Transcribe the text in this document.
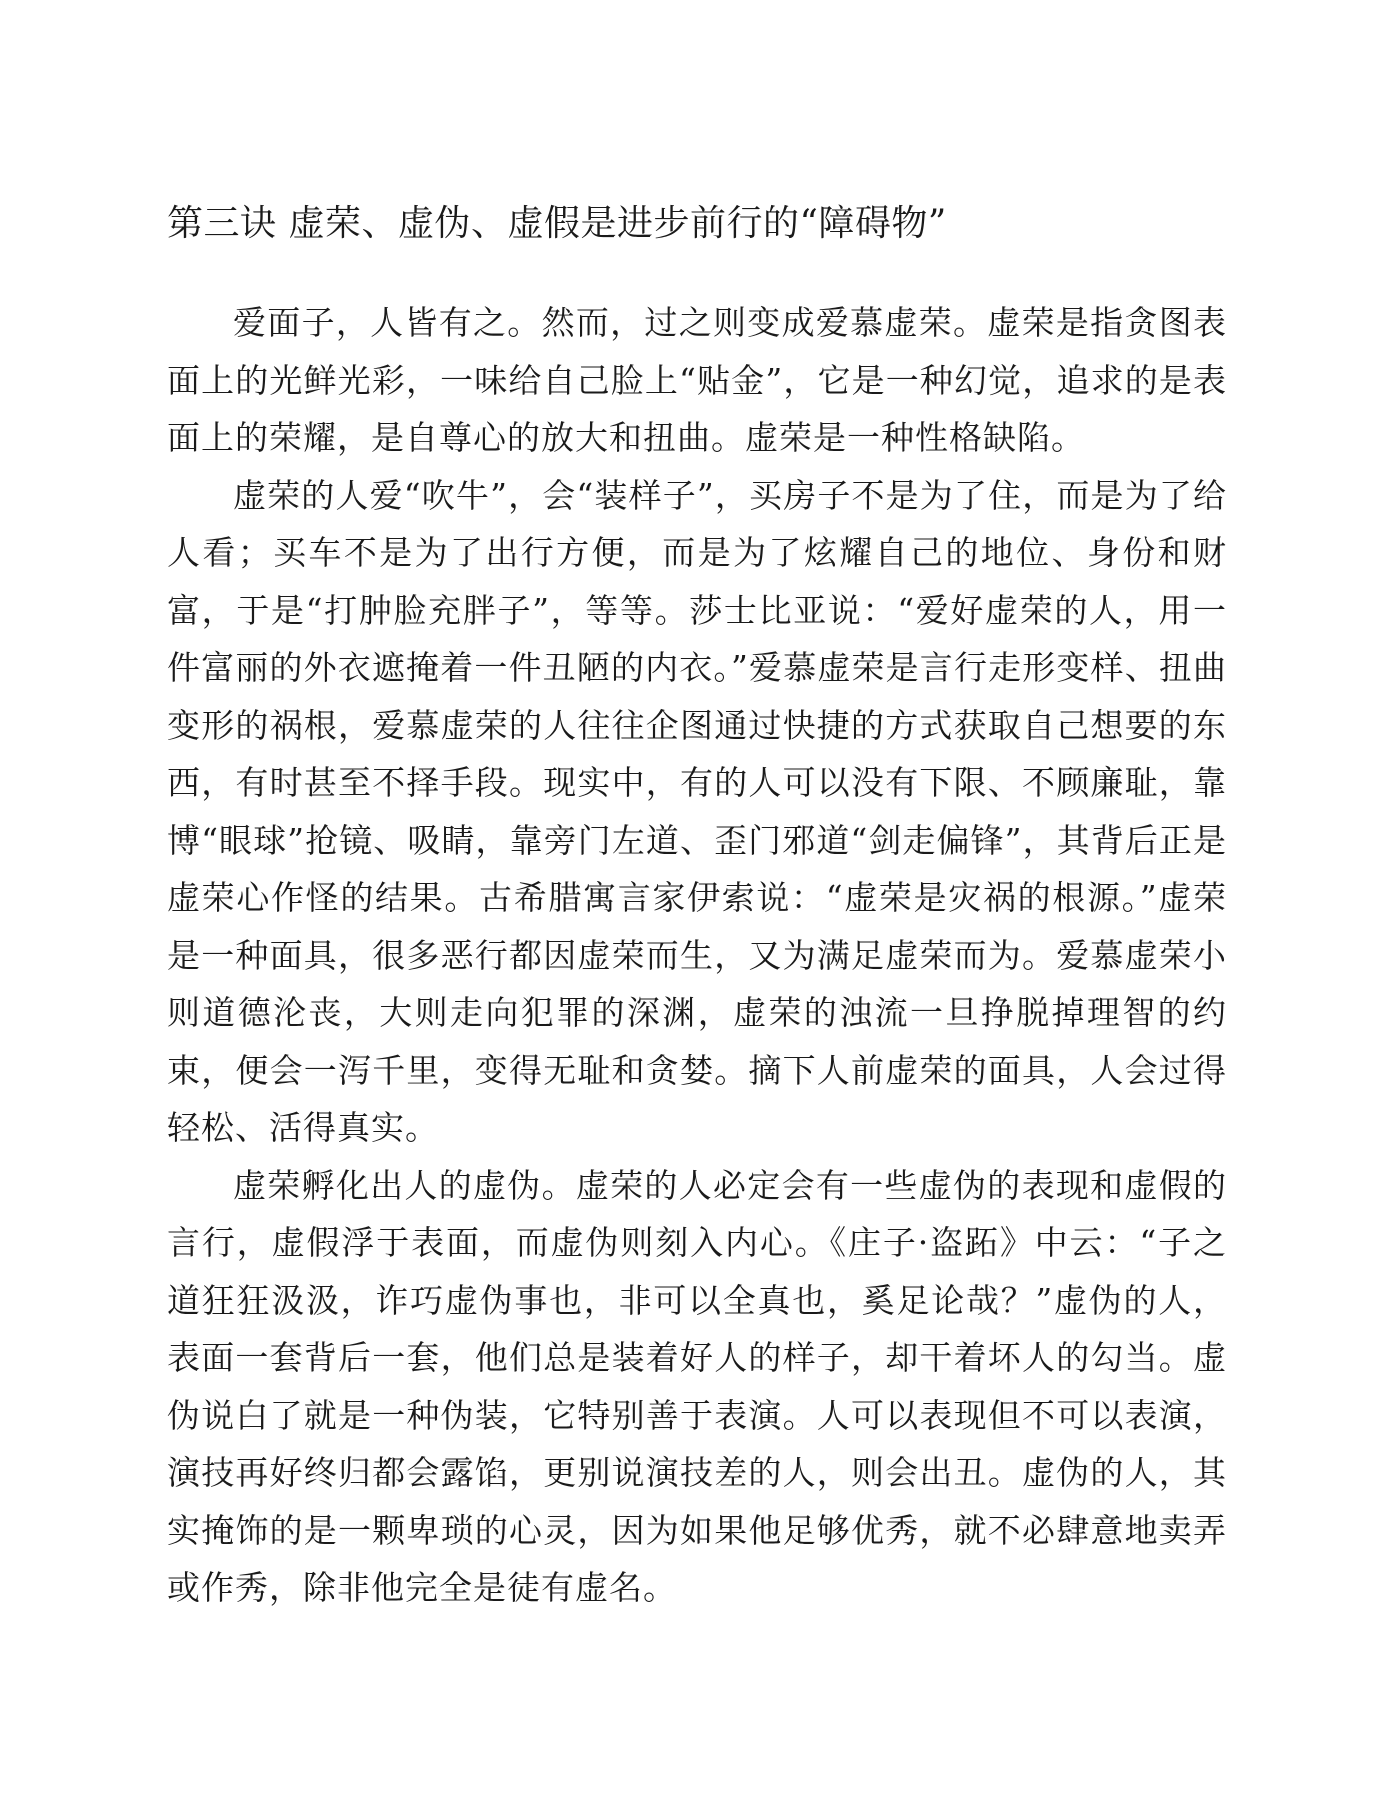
第三诀 虚荣、虚伪、虚假是进步前行的“障碍物”

爱面子，人皆有之。然而，过之则变成爱慕虚荣。虚荣是指贪图表面上的光鲜光彩，一味给自己脸上“贴金”，它是一种幻觉，追求的是表面上的荣耀，是自尊心的放大和扭曲。虚荣是一种性格缺陷。

虚荣的人爱“吹牛”，会“装样子”，买房子不是为了住，而是为了给人看；买车不是为了出行方便，而是为了炫耀自己的地位、身份和财富，于是“打肿脸充胖子”，等等。莎士比亚说：“爱好虚荣的人，用一件富丽的外衣遮掩着一件丑陋的内衣。”爱慕虚荣是言行走形变样、扭曲变形的祸根，爱慕虚荣的人往往企图通过快捷的方式获取自己想要的东西，有时甚至不择手段。现实中，有的人可以没有下限、不顾廉耻，靠博“眼球”抢镜、吸睛，靠旁门左道、歪门邪道“剑走偏锋”，其背后正是虚荣心作怪的结果。古希腊寓言家伊索说：“虚荣是灾祸的根源。”虚荣是一种面具，很多恶行都因虚荣而生，又为满足虚荣而为。爱慕虚荣小则道德沦丧，大则走向犯罪的深渊，虚荣的浊流一旦挣脱掉理智的约束，便会一泻千里，变得无耻和贪婪。摘下人前虚荣的面具，人会过得轻松、活得真实。

虚荣孵化出人的虚伪。虚荣的人必定会有一些虚伪的表现和虚假的言行，虚假浮于表面，而虚伪则刻入内心。《庄子·盗跖》中云：“子之道狂狂汲汲，诈巧虚伪事也，非可以全真也，奚足论哉？”虚伪的人，表面一套背后一套，他们总是装着好人的样子，却干着坏人的勾当。虚伪说白了就是一种伪装，它特别善于表演。人可以表现但不可以表演，演技再好终归都会露馅，更别说演技差的人，则会出丑。虚伪的人，其实掩饰的是一颗卑琐的心灵，因为如果他足够优秀，就不必肆意地卖弄或作秀，除非他完全是徒有虚名。
